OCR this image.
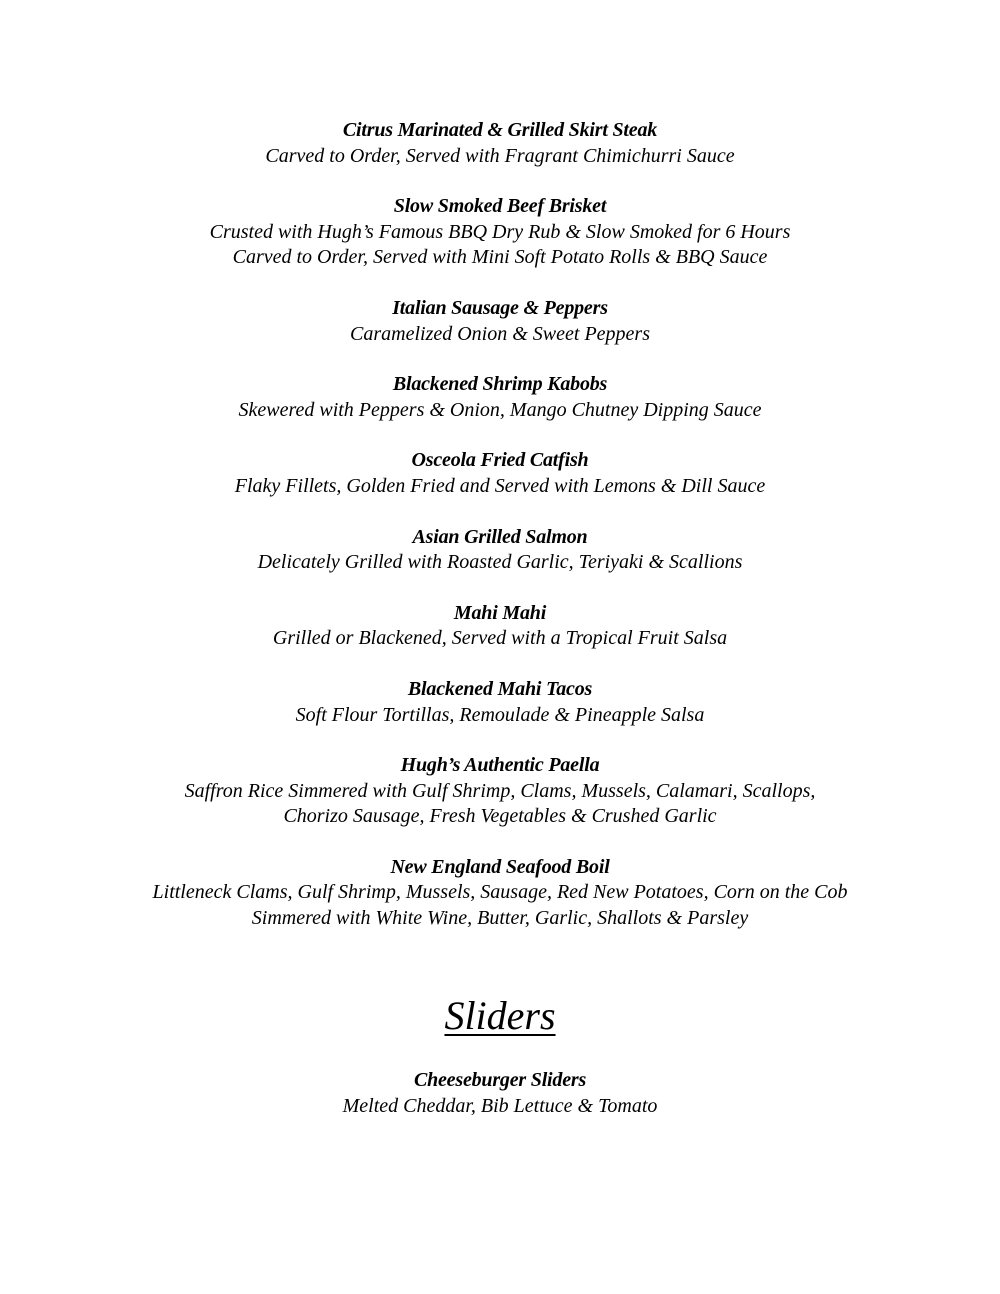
Citrus Marinated & Grilled Skirt Steak
Carved to Order, Served with Fragrant Chimichurri Sauce
Slow Smoked Beef Brisket
Crusted with Hugh’s Famous BBQ Dry Rub & Slow Smoked for 6 Hours
Carved to Order, Served with Mini Soft Potato Rolls & BBQ Sauce
Italian Sausage & Peppers
Caramelized Onion & Sweet Peppers
Blackened Shrimp Kabobs
Skewered with Peppers & Onion, Mango Chutney Dipping Sauce
Osceola Fried Catfish
Flaky Fillets, Golden Fried and Served with Lemons & Dill Sauce
Asian Grilled Salmon
Delicately Grilled with Roasted Garlic, Teriyaki & Scallions
Mahi Mahi
Grilled or Blackened, Served with a Tropical Fruit Salsa
Blackened Mahi Tacos
Soft Flour Tortillas, Remoulade & Pineapple Salsa
Hugh’s Authentic Paella
Saffron Rice Simmered with Gulf Shrimp, Clams, Mussels, Calamari, Scallops,
Chorizo Sausage, Fresh Vegetables & Crushed Garlic
New England Seafood Boil
Littleneck Clams, Gulf Shrimp, Mussels, Sausage, Red New Potatoes, Corn on the Cob
Simmered with White Wine, Butter, Garlic, Shallots & Parsley
Sliders
Cheeseburger Sliders
Melted Cheddar, Bib Lettuce & Tomato
